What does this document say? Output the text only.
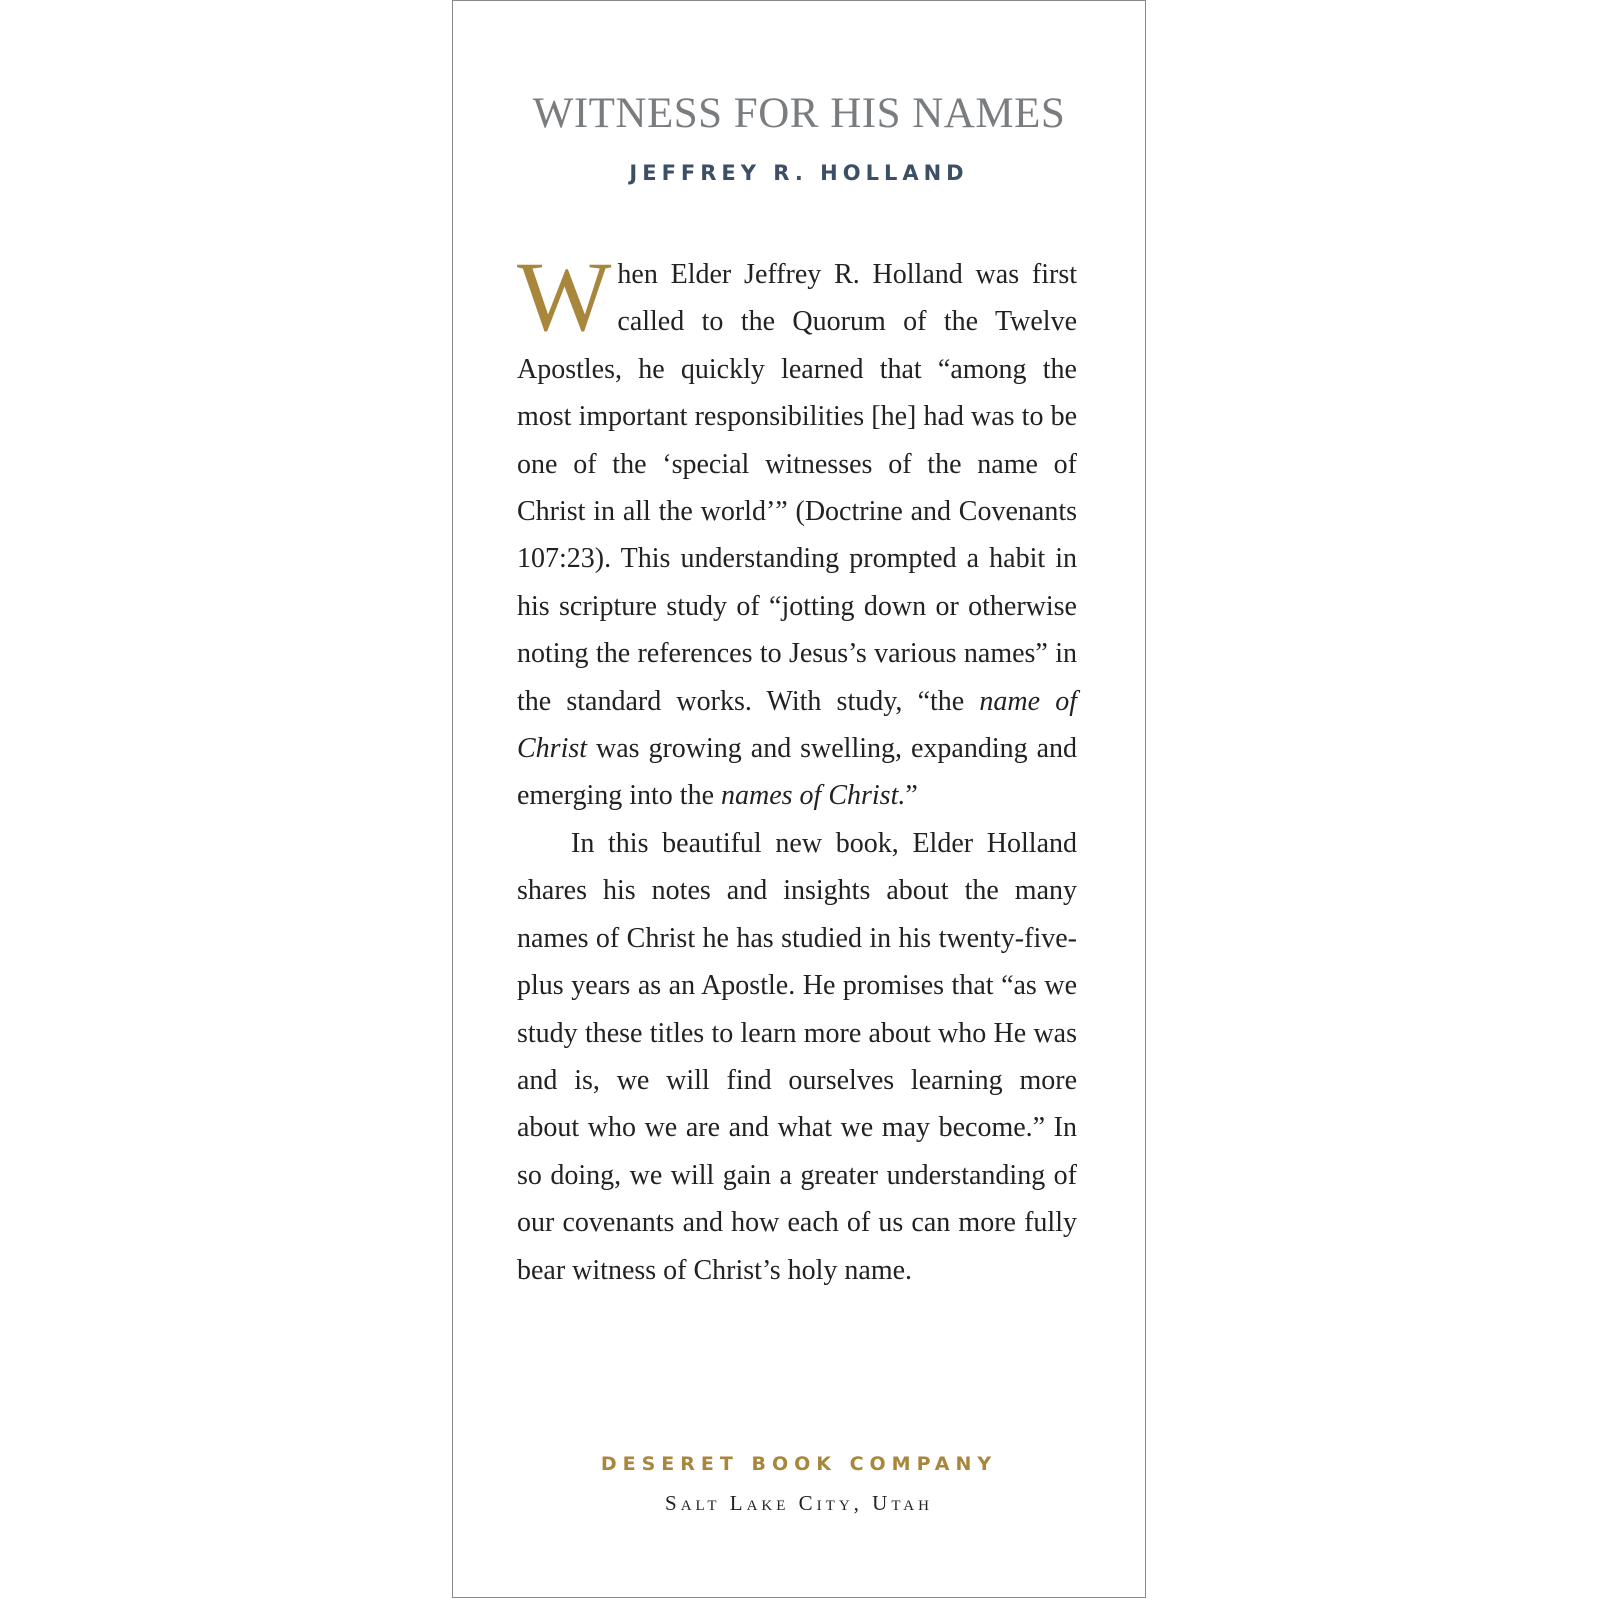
WITNESS FOR HIS NAMES
JEFFREY R. HOLLAND

When Elder Jeffrey R. Holland was first called to the Quorum of the Twelve Apostles, he quickly learned that “among the most important responsibilities [he] had was to be one of the ‘special witnesses of the name of Christ in all the world’” (Doctrine and Covenants 107:23). This understanding prompted a habit in his scripture study of “jotting down or otherwise noting the references to Jesus’s various names” in the standard works. With study, “the name of Christ was growing and swelling, expanding and emerging into the names of Christ.”

In this beautiful new book, Elder Holland shares his notes and insights about the many names of Christ he has studied in his twenty-five-plus years as an Apostle. He promises that “as we study these titles to learn more about who He was and is, we will find ourselves learning more about who we are and what we may become.” In so doing, we will gain a greater understanding of our covenants and how each of us can more fully bear witness of Christ’s holy name.

DESERET BOOK COMPANY
Salt Lake City, Utah
